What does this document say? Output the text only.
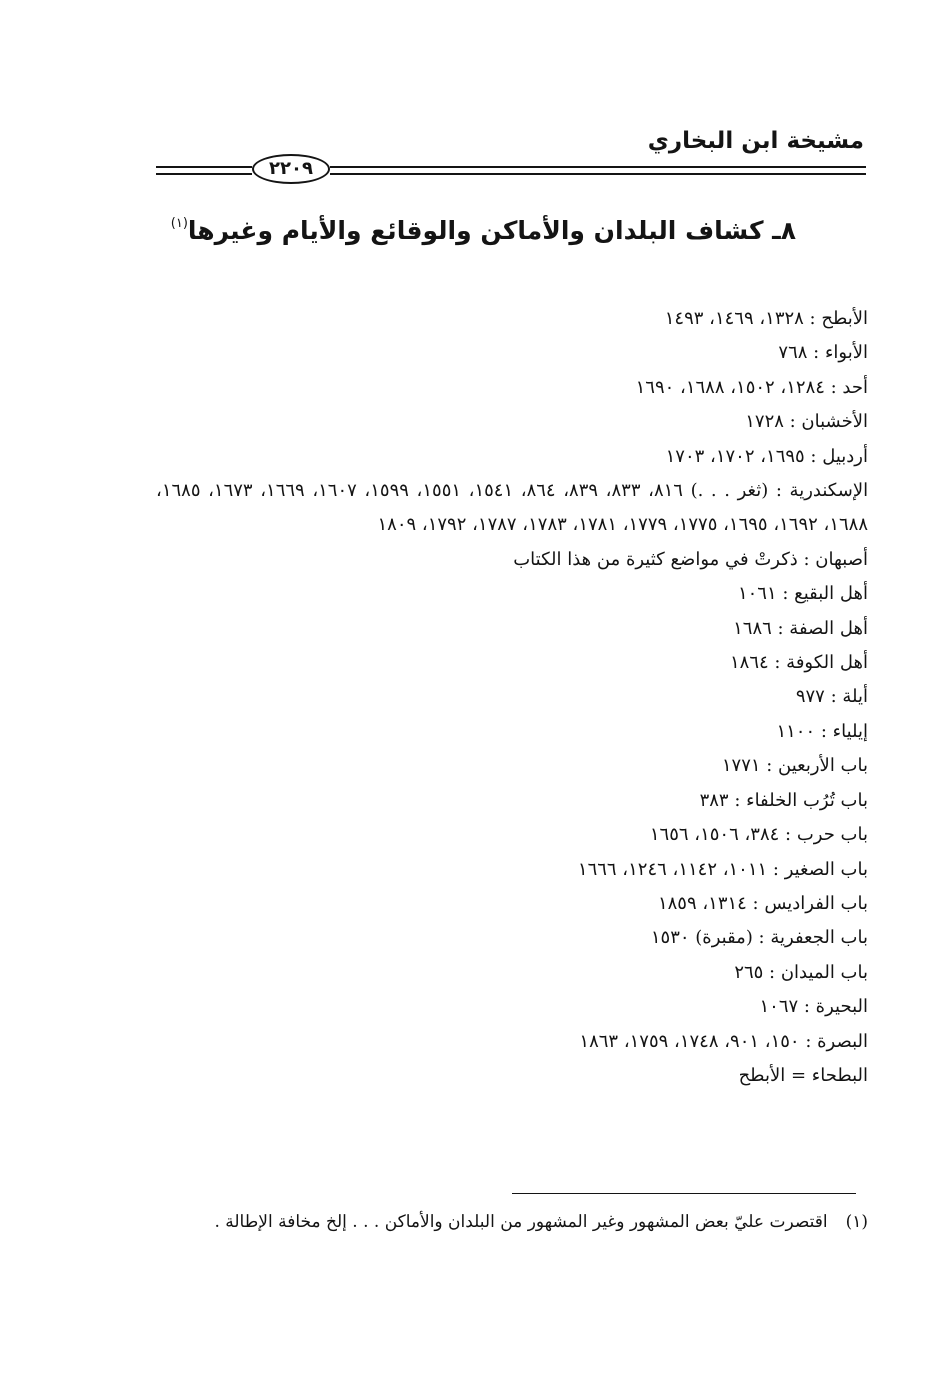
مشيخة ابن البخاري
٢٢٠٩
٨ـ كشاف البلدان والأماكن والوقائع والأيام وغيرها$^{(١)}$

الأبطح : ١٣٢٨، ١٤٦٩، ١٤٩٣

الأبواء : ٧٦٨

أحد : ١٢٨٤، ١٥٠٢، ١٦٨٨، ١٦٩٠

الأخشبان : ١٧٢٨

أردبيل : ١٦٩٥، ١٧٠٢، ١٧٠٣

الإسكندرية : (ثغر . . .) ٨١٦، ٨٣٣، ٨٣٩، ٨٦٤، ١٥٤١، ١٥٥١، ١٥٩٩، ١٦٠٧، ١٦٦٩، ١٦٧٣، ١٦٨٥، ١٦٨٨، ١٦٩٢، ١٦٩٥، ١٧٧٥، ١٧٧٩، ١٧٨١، ١٧٨٣، ١٧٨٧، ١٧٩٢، ١٨٠٩

أصبهان : ذكرتْ في مواضع كثيرة من هذا الكتاب

أهل البقيع : ١٠٦١

أهل الصفة : ١٦٨٦

أهل الكوفة : ١٨٦٤

أيلة : ٩٧٧

إيلياء : ١١٠٠

باب الأربعين : ١٧٧١

باب تُرُب الخلفاء : ٣٨٣

باب حرب : ٣٨٤، ١٥٠٦، ١٦٥٦

باب الصغير : ١٠١١، ١١٤٢، ١٢٤٦، ١٦٦٦

باب الفراديس : ١٣١٤، ١٨٥٩

باب الجعفرية : (مقبرة) ١٥٣٠

باب الميدان : ٢٦٥

البحيرة : ١٠٦٧

البصرة : ١٥٠، ٩٠١، ١٧٤٨، ١٧٥٩، ١٨٦٣

البطحاء = الأبطح

(١)اقتصرت عليّ بعض المشهور وغير المشهور من البلدان والأماكن . . . إلخ مخافة الإطالة .
